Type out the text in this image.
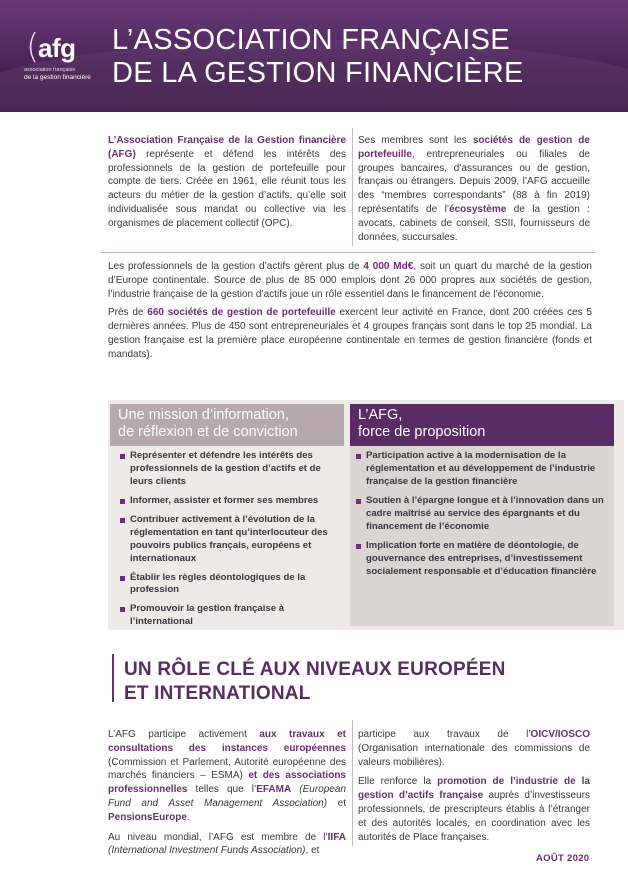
(
afg
association française
de la gestion financière
L’ASSOCIATION FRANÇAISE
DE LA GESTION FINANCIÈRE

L’Association Française de la Gestion financière (AFG) représente et défend les intérêts des professionnels de la gestion de portefeuille pour compte de tiers. Créée en 1961, elle réunit tous les acteurs du métier de la gestion d’actifs, qu’elle soit individualisée sous mandat ou collective via les organismes de placement collectif (OPC).

Ses membres sont les sociétés de gestion de portefeuille, entrepreneuriales ou filiales de groupes bancaires, d’assurances ou de gestion, français ou étrangers. Depuis 2009, l’AFG accueille des “membres correspondants” (88 à fin 2019) représentatifs de l’écosystème de la gestion : avocats, cabinets de conseil, SSII, fournisseurs de données, succursales.

Les professionnels de la gestion d’actifs gèrent plus de 4 000 Md€, soit un quart du marché de la gestion d’Europe continentale. Source de plus de 85 000 emplois dont 26 000 propres aux sociétés de gestion, l’industrie française de la gestion d’actifs joue un rôle essentiel dans le financement de l’économie.

Près de 660 sociétés de gestion de portefeuille exercent leur activité en France, dont 200 créées ces 5 dernières années. Plus de 450 sont entrepreneuriales et 4 groupes français sont dans le top 25 mondial. La gestion française est la première place européenne continentale en termes de gestion financière (fonds et mandats).

Une mission d’information,
de réflexion et de conviction
L’AFG,
force de proposition
Représenter et défendre les intérêts des professionnels de la gestion d’actifs et de leurs clients
Informer, assister et former ses membres
Contribuer activement à l’évolution de la réglementation en tant qu’interlocuteur des pouvoirs publics français, européens et internationaux
Établir les règles déontologiques de la profession
Promouvoir la gestion française à l’international
Participation active à la modernisation de la réglementation et au développement de l’industrie française de la gestion financière
Soutien à l’épargne longue et à l’innovation dans un cadre maîtrisé au service des épargnants et du financement de l’économie
Implication forte en matière de déontologie, de gouvernance des entreprises, d’investissement socialement responsable et d’éducation financière
UN RÔLE CLÉ AUX NIVEAUX EUROPÉEN
ET INTERNATIONAL

L’AFG participe activement aux travaux et consultations des instances européennes (Commission et Parlement, Autorité européenne des marchés financiers – ESMA) et des associations professionnelles telles que l’EFAMA (European Fund and Asset Management Association) et PensionsEurope.

Au niveau mondial, l’AFG est membre de l’IIFA (International Investment Funds Association), et

participe aux travaux de l’OICV/IOSCO (Organisation internationale des commissions de valeurs mobilières).

Elle renforce la promotion de l’industrie de la gestion d’actifs française auprès d’investisseurs professionnels, de prescripteurs établis à l’étranger et des autorités locales, en coordination avec les autorités de Place françaises.

AOÛT 2020
